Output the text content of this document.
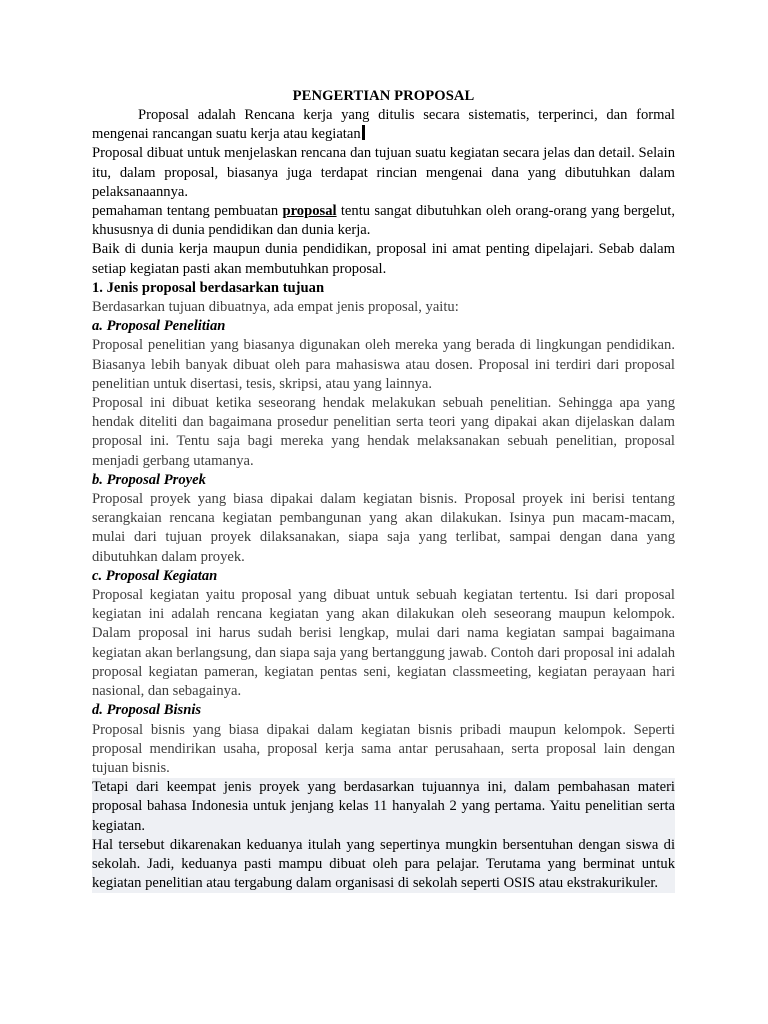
PENGERTIAN PROPOSAL

Proposal adalah Rencana kerja yang ditulis secara sistematis, terperinci, dan formal mengenai rancangan suatu kerja atau kegiatan

Proposal dibuat untuk menjelaskan rencana dan tujuan suatu kegiatan secara jelas dan detail. Selain itu, dalam proposal, biasanya juga terdapat rincian mengenai dana yang dibutuhkan dalam pelaksanaannya.

pemahaman tentang pembuatan proposal tentu sangat dibutuhkan oleh orang-orang yang bergelut, khususnya di dunia pendidikan dan dunia kerja.

Baik di dunia kerja maupun dunia pendidikan, proposal ini amat penting dipelajari. Sebab dalam setiap kegiatan pasti akan membutuhkan proposal.

1. Jenis proposal berdasarkan tujuan

Berdasarkan tujuan dibuatnya, ada empat jenis proposal, yaitu:

a. Proposal Penelitian

Proposal penelitian yang biasanya digunakan oleh mereka yang berada di lingkungan pendidikan. Biasanya lebih banyak dibuat oleh para mahasiswa atau dosen. Proposal ini terdiri dari proposal penelitian untuk disertasi, tesis, skripsi, atau yang lainnya.

Proposal ini dibuat ketika seseorang hendak melakukan sebuah penelitian. Sehingga apa yang hendak diteliti dan bagaimana prosedur penelitian serta teori yang dipakai akan dijelaskan dalam proposal ini. Tentu saja bagi mereka yang hendak melaksanakan sebuah penelitian, proposal menjadi gerbang utamanya.

b. Proposal Proyek

Proposal proyek yang biasa dipakai dalam kegiatan bisnis. Proposal proyek ini berisi tentang serangkaian rencana kegiatan pembangunan yang akan dilakukan. Isinya pun macam-macam, mulai dari tujuan proyek dilaksanakan, siapa saja yang terlibat, sampai dengan dana yang dibutuhkan dalam proyek.

c. Proposal Kegiatan

Proposal kegiatan yaitu proposal yang dibuat untuk sebuah kegiatan tertentu. Isi dari proposal kegiatan ini adalah rencana kegiatan yang akan dilakukan oleh seseorang maupun kelompok. Dalam proposal ini harus sudah berisi lengkap, mulai dari nama kegiatan sampai bagaimana kegiatan akan berlangsung, dan siapa saja yang bertanggung jawab. Contoh dari proposal ini adalah proposal kegiatan pameran, kegiatan pentas seni, kegiatan classmeeting, kegiatan perayaan hari nasional, dan sebagainya.

d. Proposal Bisnis

Proposal bisnis yang biasa dipakai dalam kegiatan bisnis pribadi maupun kelompok. Seperti proposal mendirikan usaha, proposal kerja sama antar perusahaan, serta proposal lain dengan tujuan bisnis.

Tetapi dari keempat jenis proyek yang berdasarkan tujuannya ini, dalam pembahasan materi proposal bahasa Indonesia untuk jenjang kelas 11 hanyalah 2 yang pertama. Yaitu penelitian serta kegiatan.

Hal tersebut dikarenakan keduanya itulah yang sepertinya mungkin bersentuhan dengan siswa di sekolah. Jadi, keduanya pasti mampu dibuat oleh para pelajar. Terutama yang berminat untuk kegiatan penelitian atau tergabung dalam organisasi di sekolah seperti OSIS atau ekstrakurikuler.
